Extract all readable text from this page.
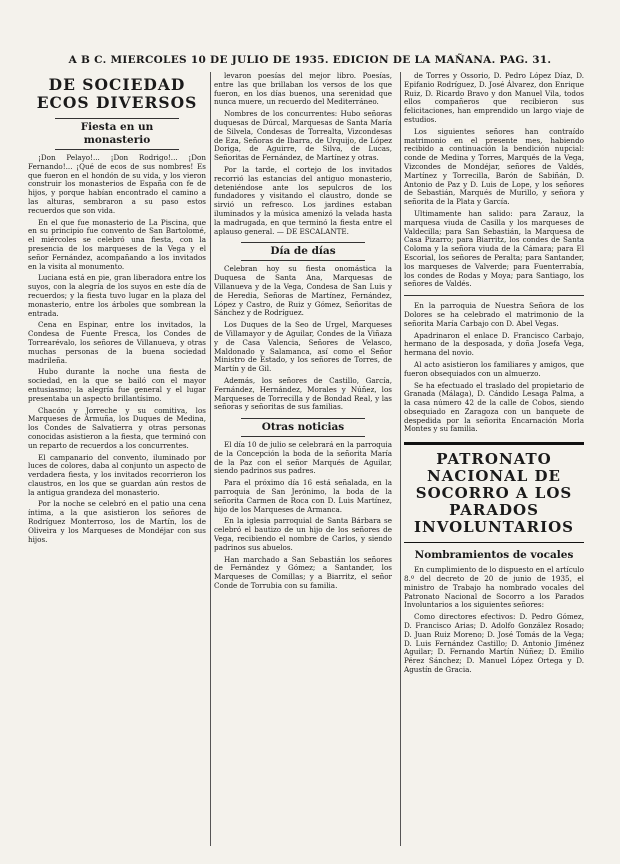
A B C. MIERCOLES 10 DE JULIO DE 1935. EDICION DE LA MAÑANA. PAG. 31.
DE SOCIEDAD
ECOS DIVERSOS
Fiesta en un monasterio

¡Don Pelayo!... ¡Don Rodrigo!... ¡Don Fernando!... ¡Qué de ecos de sus nombres! Es que fueron en el hondón de su vida, y los vieron construir los monasterios de España con fe de hijos, y porque habían encontrado el camino a las alturas, sembraron a su paso estos recuerdos que son vida.

En el que fue monasterio de La Piscina, que en su principio fue convento de San Bartolomé, el miércoles se celebró una fiesta, con la presencia de los marqueses de la Vega y el señor Fernández, acompañando a los invitados en la visita al monumento.

Luciana está en pie, gran liberadora entre los suyos, con la alegría de los suyos en este día de recuerdos; y la fiesta tuvo lugar en la plaza del monasterio, entre los árboles que sombrean la entrada.

Cena en Espinar, entre los invitados, la Condesa de Fuente Fresca, los Condes de Torrearévalo, los señores de Villanueva, y otras muchas personas de la buena sociedad madrileña.

Hubo durante la noche una fiesta de sociedad, en la que se bailó con el mayor entusiasmo; la alegría fue general y el lugar presentaba un aspecto brillantísimo.

Chacón y Jorreche y su comitiva, los Marqueses de Armuña, los Duques de Medina, los Condes de Salvatierra y otras personas conocidas asistieron a la fiesta, que terminó con un reparto de recuerdos a los concurrentes.

El campanario del convento, iluminado por luces de colores, daba al conjunto un aspecto de verdadera fiesta, y los invitados recorrieron los claustros, en los que se guardan aún restos de la antigua grandeza del monasterio.

Por la noche se celebró en el patio una cena íntima, a la que asistieron los señores de Rodríguez Monterroso, los de Martín, los de Oliveira y los Marqueses de Mondéjar con sus hijos.

levaron poesías del mejor libro. Poesías, entre las que brillaban los versos de los que fueron, en los días buenos, una serenidad que nunca muere, un recuerdo del Mediterráneo.

Nombres de los concurrentes: Hubo señoras duquesas de Dúrcal, Marquesas de Santa María de Silvela, Condesas de Torrealta, Vizcondesas de Eza, Señoras de Ibarra, de Urquijo, de López Doriga, de Aguirre, de Silva, de Lucas, Señoritas de Fernández, de Martínez y otras.

Por la tarde, el cortejo de los invitados recorrió las estancias del antiguo monasterio, deteniéndose ante los sepulcros de los fundadores y visitando el claustro, donde se sirvió un refresco. Los jardines estaban iluminados y la música amenizó la velada hasta la madrugada, en que terminó la fiesta entre el aplauso general. — DE ESCALANTE.

Día de días

Celebran hoy su fiesta onomástica la Duquesa de Santa Ana, Marquesas de Villanueva y de la Vega, Condesa de San Luis y de Heredia, Señoras de Martínez, Fernández, López y Castro, de Ruiz y Gómez, Señoritas de Sánchez y de Rodríguez.

Los Duques de la Seo de Urgel, Marqueses de Villamayor y de Aguilar, Condes de la Viñaza y de Casa Valencia, Señores de Velasco, Maldonado y Salamanca, así como el Señor Ministro de Estado, y los señores de Torres, de Martín y de Gil.

Además, los señores de Castillo, García, Fernández, Hernández, Morales y Núñez, los Marqueses de Torrecilla y de Bondad Real, y las señoras y señoritas de sus familias.

Otras noticias

El día 10 de julio se celebrará en la parroquia de la Concepción la boda de la señorita María de la Paz con el señor Marqués de Aguilar, siendo padrinos sus padres.

Para el próximo día 16 está señalada, en la parroquia de San Jerónimo, la boda de la señorita Carmen de Roca con D. Luis Martínez, hijo de los Marqueses de Armanca.

En la iglesia parroquial de Santa Bárbara se celebró el bautizo de un hijo de los señores de Vega, recibiendo el nombre de Carlos, y siendo padrinos sus abuelos.

Han marchado a San Sebastián los señores de Fernández y Gómez; a Santander, los Marqueses de Comillas; y a Biarritz, el señor Conde de Torrubia con su familia.

de Torres y Ossorio, D. Pedro López Díaz, D. Epifanio Rodríguez, D. José Álvarez, don Enrique Ruiz, D. Ricardo Bravo y don Manuel Vila, todos ellos compañeros que recibieron sus felicitaciones, han emprendido un largo viaje de estudios.

Los siguientes señores han contraído matrimonio en el presente mes, habiendo recibido a continuación la bendición nupcial: conde de Medina y Torres, Marqués de la Vega, Vizcondes de Mondéjar, señores de Valdés, Martínez y Torrecilla, Barón de Sabiñán, D. Antonio de Paz y D. Luis de Lope, y los señores de Sebastián, Marqués de Murillo, y señora y señorita de la Plata y García.

Ultimamente han salido: para Zarauz, la marquesa viuda de Casilla y los marqueses de Valdecilla; para San Sebastián, la Marquesa de Casa Pizarro; para Biarritz, los condes de Santa Coloma y la señora viuda de la Cámara; para El Escorial, los señores de Peralta; para Santander, los marqueses de Valverde; para Fuenterrabía, los condes de Rodas y Moya; para Santiago, los señores de Valdés.

En la parroquia de Nuestra Señora de los Dolores se ha celebrado el matrimonio de la señorita María Carbajo con D. Abel Vegas.

Apadrinaron el enlace D. Francisco Carbajo, hermano de la desposada, y doña Josefa Vega, hermana del novio.

Al acto asistieron los familiares y amigos, que fueron obsequiados con un almuerzo.

Se ha efectuado el traslado del propietario de Granada (Málaga), D. Cándido Lesaga Palma, a la casa número 42 de la calle de Cobos, siendo obsequiado en Zaragoza con un banquete de despedida por la señorita Encarnación Morla Montes y su familia.

PATRONATO NACIONAL DE SOCORRO A LOS PARADOS INVOLUNTARIOS
Nombramientos de vocales

En cumplimiento de lo dispuesto en el artículo 8.º del decreto de 20 de junio de 1935, el ministro de Trabajo ha nombrado vocales del Patronato Nacional de Socorro a los Parados Involuntarios a los siguientes señores:

Como directores efectivos: D. Pedro Gómez, D. Francisco Arias; D. Adolfo González Rosado; D. Juan Ruiz Moreno; D. José Tomás de la Vega; D. Luis Fernández Castillo; D. Antonio Jiménez Aguilar; D. Fernando Martín Núñez; D. Emilio Pérez Sánchez; D. Manuel López Ortega y D. Agustín de Gracia.
